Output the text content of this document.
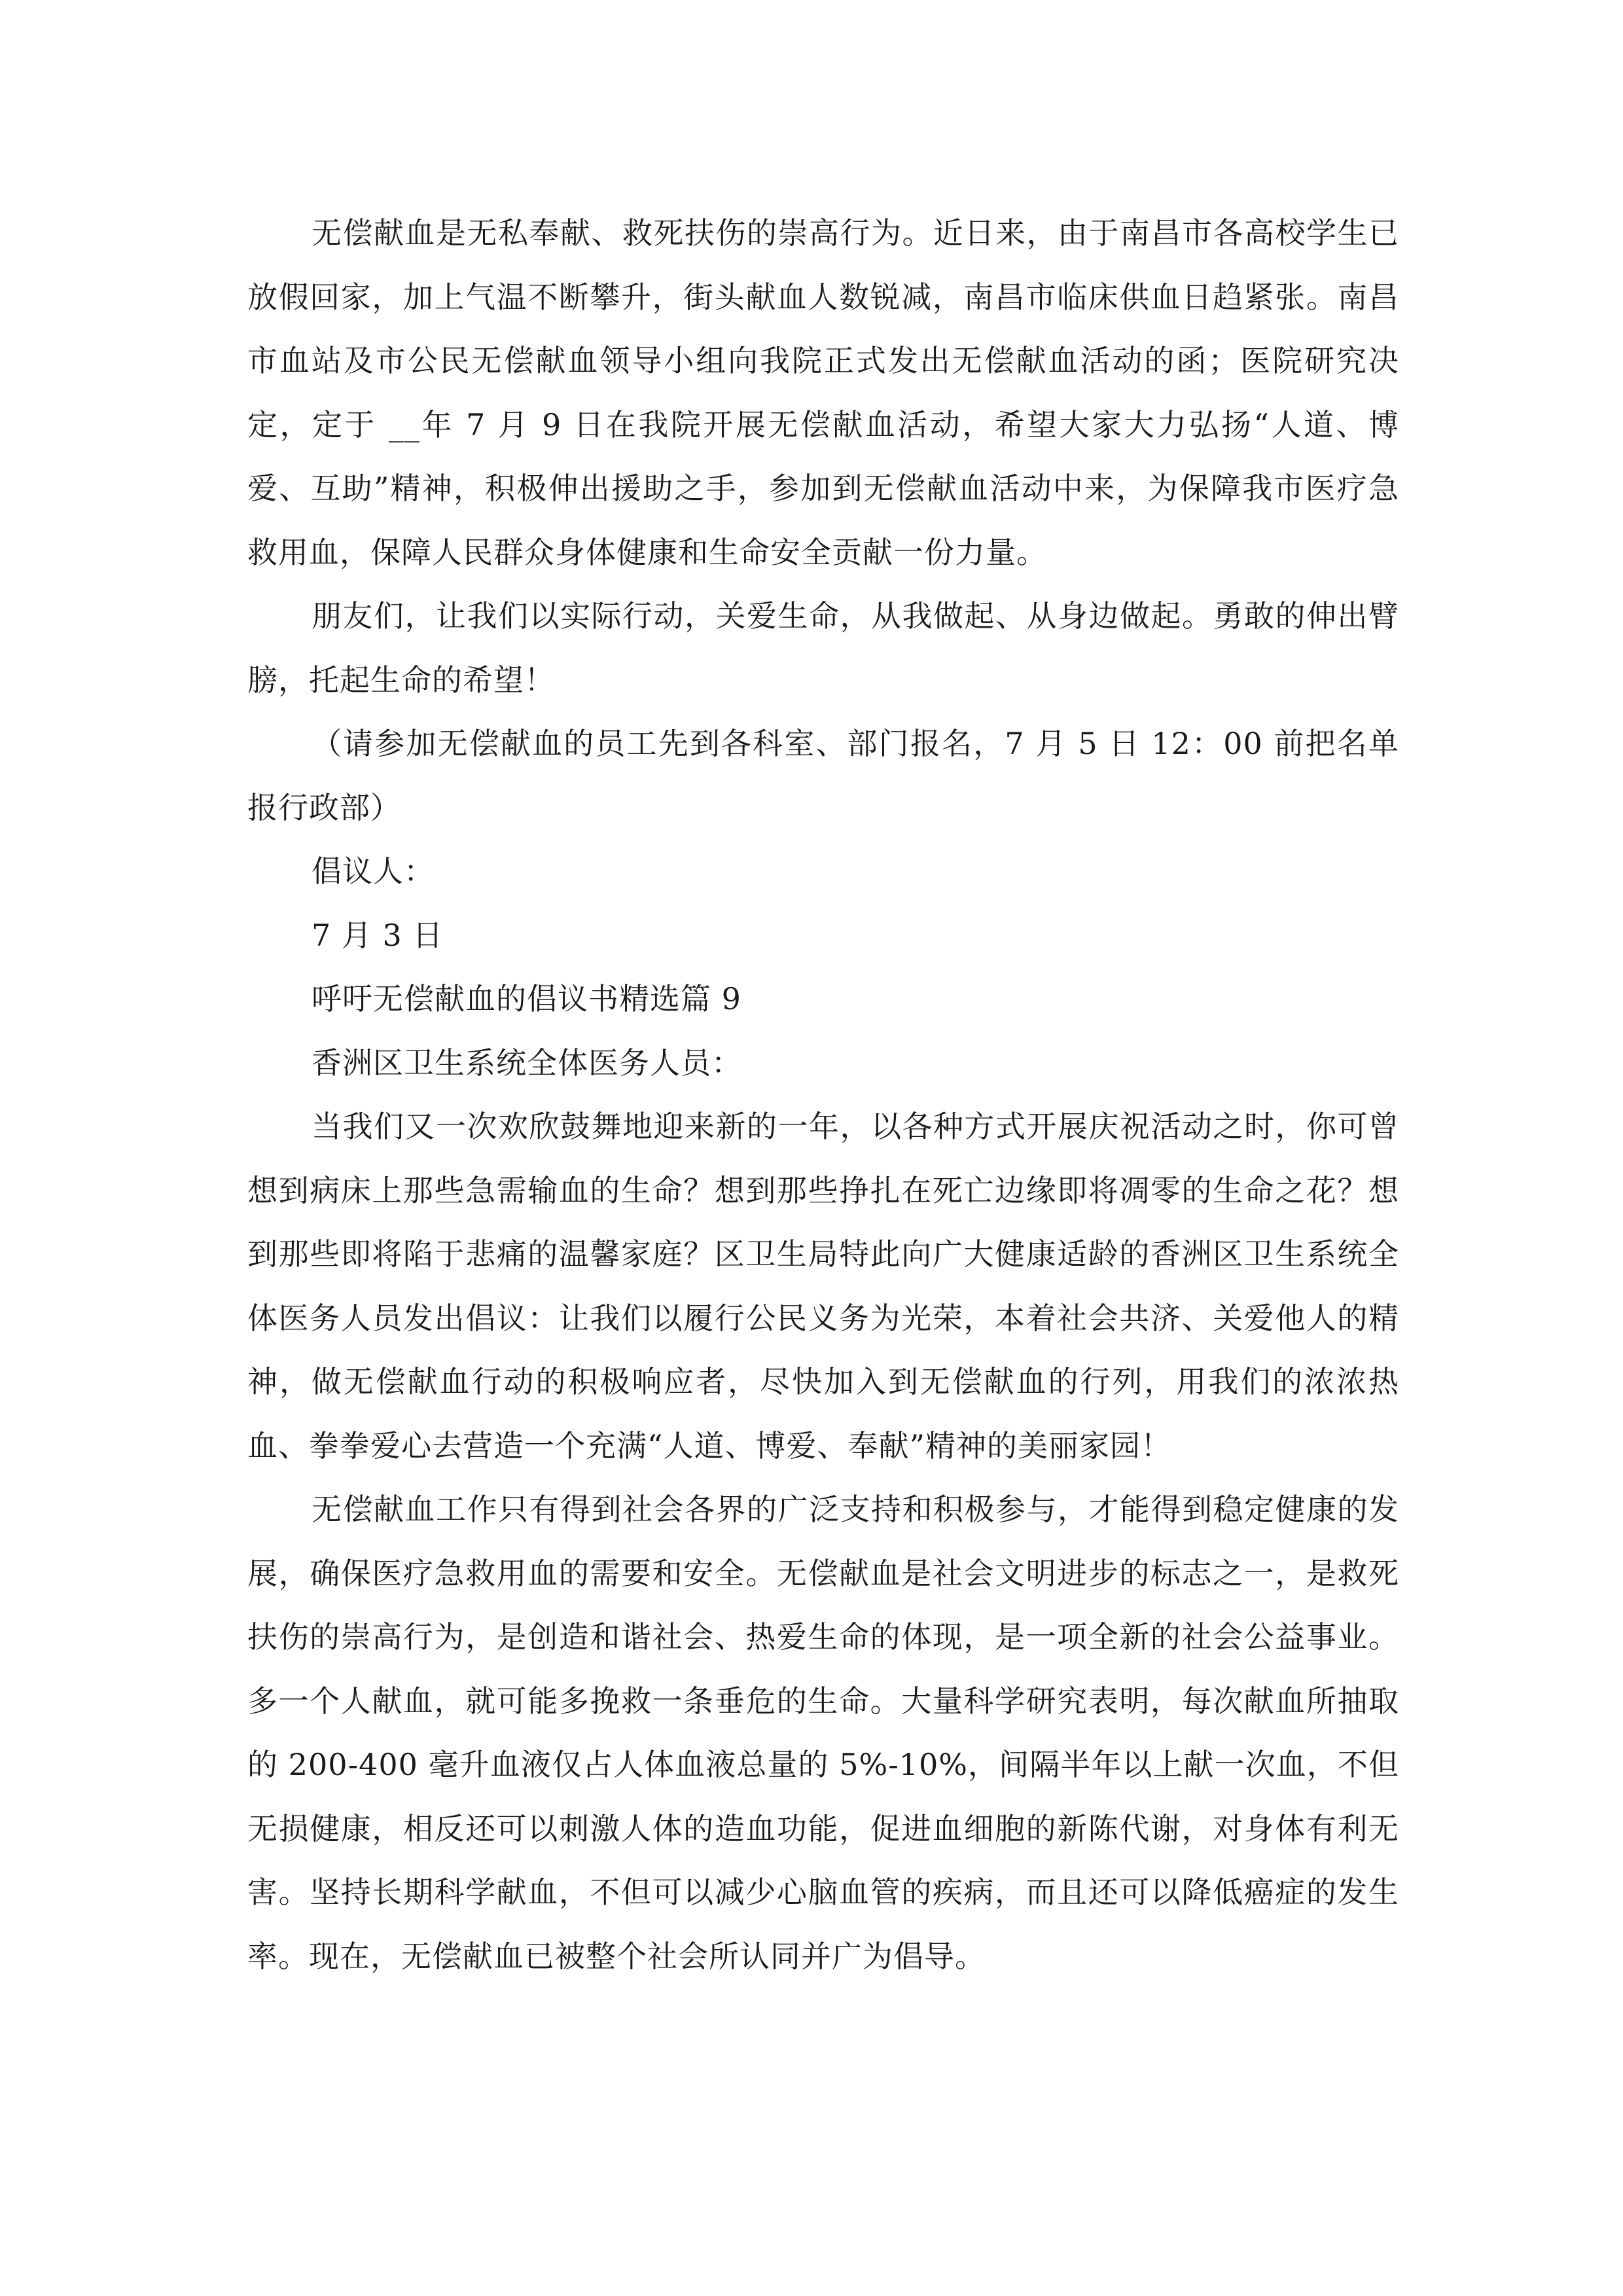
无偿献血是无私奉献、救死扶伤的崇高行为。近日来，由于南昌市各高校学生已放假回家，加上气温不断攀升，街头献血人数锐减，南昌市临床供血日趋紧张。南昌市血站及市公民无偿献血领导小组向我院正式发出无偿献血活动的函；医院研究决定，定于 __年 7 月 9 日在我院开展无偿献血活动，希望大家大力弘扬“人道、博爱、互助”精神，积极伸出援助之手，参加到无偿献血活动中来，为保障我市医疗急救用血，保障人民群众身体健康和生命安全贡献一份力量。

朋友们，让我们以实际行动，关爱生命，从我做起、从身边做起。勇敢的伸出臂膀，托起生命的希望！

（请参加无偿献血的员工先到各科室、部门报名，7 月 5 日 12：00 前把名单报行政部）

倡议人：

7 月 3 日

呼吁无偿献血的倡议书精选篇 9

香洲区卫生系统全体医务人员：

当我们又一次欢欣鼓舞地迎来新的一年，以各种方式开展庆祝活动之时，你可曾想到病床上那些急需输血的生命？想到那些挣扎在死亡边缘即将凋零的生命之花？想到那些即将陷于悲痛的温馨家庭？区卫生局特此向广大健康适龄的香洲区卫生系统全体医务人员发出倡议：让我们以履行公民义务为光荣，本着社会共济、关爱他人的精神，做无偿献血行动的积极响应者，尽快加入到无偿献血的行列，用我们的浓浓热血、拳拳爱心去营造一个充满“人道、博爱、奉献”精神的美丽家园！

无偿献血工作只有得到社会各界的广泛支持和积极参与，才能得到稳定健康的发展，确保医疗急救用血的需要和安全。无偿献血是社会文明进步的标志之一，是救死扶伤的崇高行为，是创造和谐社会、热爱生命的体现，是一项全新的社会公益事业。多一个人献血，就可能多挽救一条垂危的生命。大量科学研究表明，每次献血所抽取的 200-400 毫升血液仅占人体血液总量的 5%-10%，间隔半年以上献一次血，不但无损健康，相反还可以刺激人体的造血功能，促进血细胞的新陈代谢，对身体有利无害。坚持长期科学献血，不但可以减少心脑血管的疾病，而且还可以降低癌症的发生率。现在，无偿献血已被整个社会所认同并广为倡导。
